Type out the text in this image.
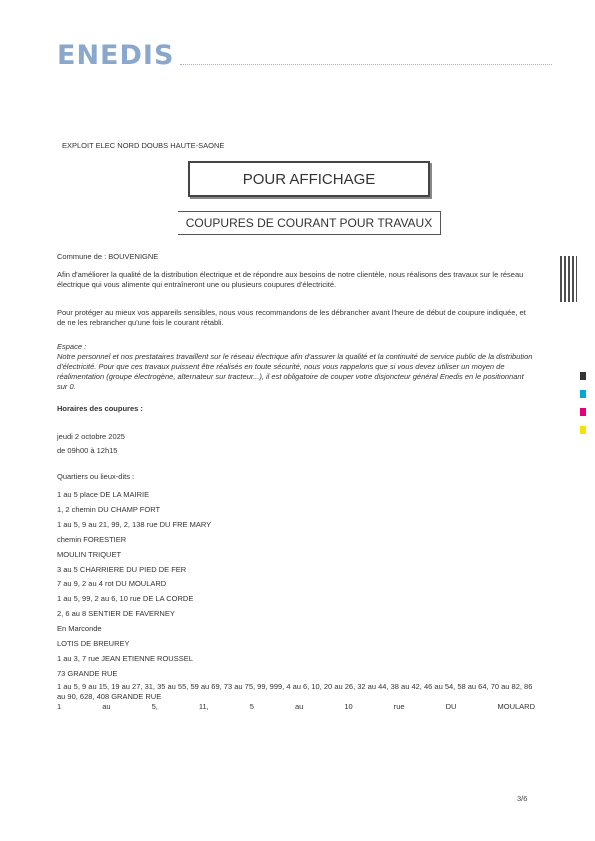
ENEDIS
EXPLOIT ELEC NORD DOUBS HAUTE-SAONE
POUR AFFICHAGE
COUPURES DE COURANT POUR TRAVAUX
Commune de : BOUVENIGNE
Afin d'améliorer la qualité de la distribution électrique et de répondre aux besoins de notre clientèle, nous réalisons des travaux sur le réseau électrique qui vous alimente qui entraîneront une ou plusieurs coupures d'électricité.
Pour protéger au mieux vos appareils sensibles, nous vous recommandons de les débrancher avant l'heure de début de coupure indiquée, et de ne les rebrancher qu'une fois le courant rétabli.
Espace :
Notre personnel et nos prestataires travaillent sur le réseau électrique afin d'assurer la qualité et la continuité de service public de la distribution d'électricité. Pour que ces travaux puissent être réalisés en toute sécurité, nous vous rappelons que si vous devez utiliser un moyen de réalimentation (groupe électrogène, alternateur sur tracteur...), il est obligatoire de couper votre disjoncteur général Enedis en le positionnant sur 0.
Horaires des coupures :
jeudi 2 octobre 2025
de 09h00 à 12h15
Quartiers ou lieux-dits :
1 au 5 place DE LA MAIRIE
1, 2 chemin DU CHAMP FORT
1 au 5, 9 au 21, 99, 2, 138 rue DU FRE MARY
chemin FORESTIER
MOULIN TRIQUET
3 au 5 CHARRIERE DU PIED DE FER
7 au 9, 2 au 4 rot DU MOULARD
1 au 5, 99, 2 au 6, 10 rue DE LA CORDE
2, 6 au 8 SENTIER DE FAVERNEY
En Marconde
LOTIS DE BREUREY
1 au 3, 7 rue JEAN ETIENNE ROUSSEL
73 GRANDE RUE
1 au 5, 9 au 15, 19 au 27, 31, 35 au 55, 59 au 69, 73 au 75, 99, 999, 4 au 6, 10, 20 au 26, 32 au 44, 38 au 42, 46 au 54, 58 au 64, 70 au 82, 86 au 90, 628, 408 GRANDE RUE
1	au	5,	11,	5	au	10	rue	DU	MOULARD
3/6
